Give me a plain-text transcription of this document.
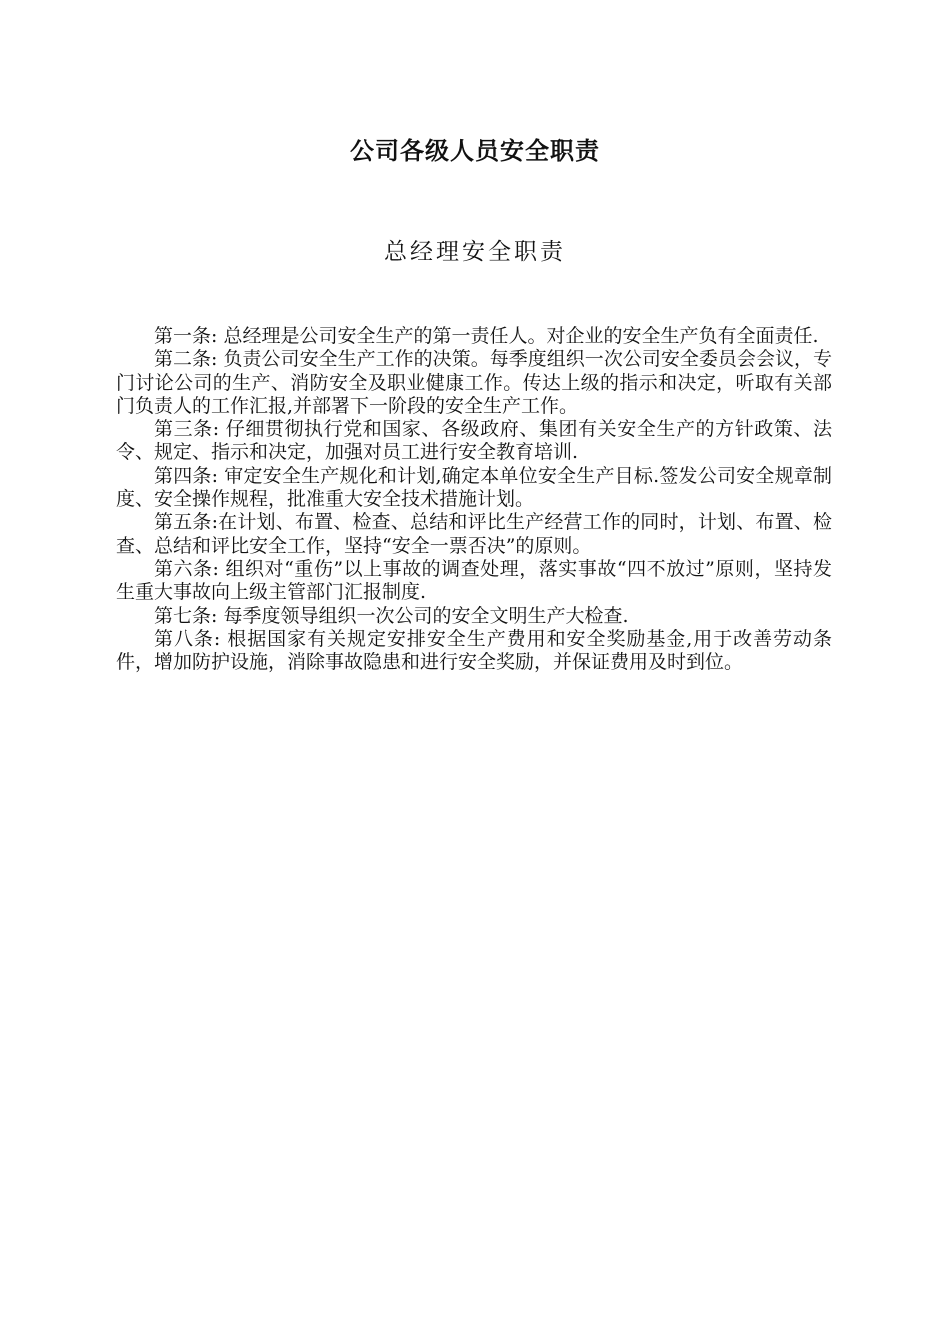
公司各级人员安全职责
总经理安全职责

第一条: 总经理是公司安全生产的第一责任人。对企业的安全生产负有全面责任.

第二条: 负责公司安全生产工作的决策。每季度组织一次公司安全委员会会议，专门讨论公司的生产、消防安全及职业健康工作。传达上级的指示和决定，听取有关部门负责人的工作汇报,并部署下一阶段的安全生产工作。

第三条: 仔细贯彻执行党和国家、各级政府、集团有关安全生产的方针政策、法令、规定、指示和决定，加强对员工进行安全教育培训.

第四条: 审定安全生产规化和计划,确定本单位安全生产目标.签发公司安全规章制度、安全操作规程，批准重大安全技术措施计划。

第五条:在计划、布置、检查、总结和评比生产经营工作的同时，计划、布置、检查、总结和评比安全工作，坚持“安全一票否决”的原则。

第六条: 组织对“重伤”以上事故的调查处理，落实事故“四不放过”原则，坚持发生重大事故向上级主管部门汇报制度.

第七条: 每季度领导组织一次公司的安全文明生产大检查.

第八条: 根据国家有关规定安排安全生产费用和安全奖励基金,用于改善劳动条件，增加防护设施，消除事故隐患和进行安全奖励，并保证费用及时到位。
